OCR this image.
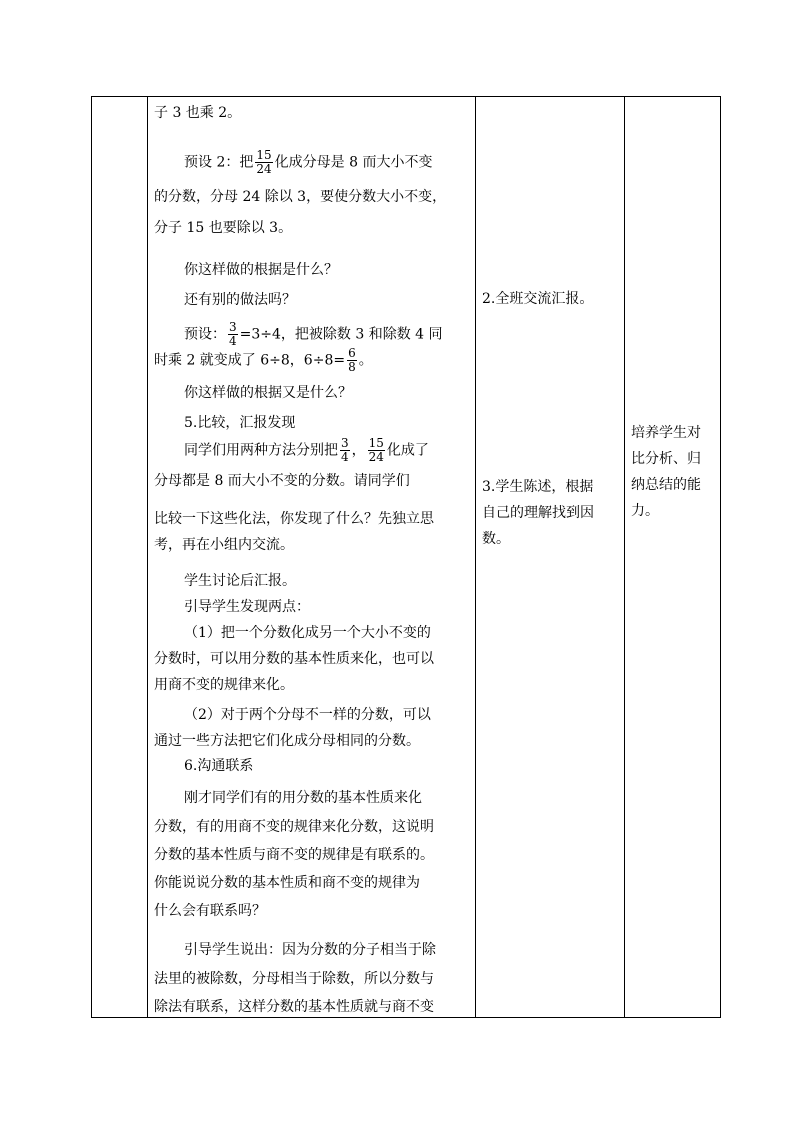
子 3 也乘 2。
预设 2：把 $\frac{15}{24}$ 化成分母是 8 而大小不变
的分数，分母 24 除以 3，要使分数大小不变，
分子 15 也要除以 3。
你这样做的根据是什么？
还有别的做法吗？
预设： $\frac{3}{4} =3\div 4$，把被除数 3 和除数 4 同
时乘 2 就变成了 6÷8，$6\div 8= \frac{6}{8}$ 。
你这样做的根据又是什么？
5.比较，汇报发现
同学们用两种方法分别把 $\frac{3}{4}$ ， $\frac{15}{24}$ 化成了
分母都是 8 而大小不变的分数。请同学们
比较一下这些化法，你发现了什么？先独立思
考，再在小组内交流。
学生讨论后汇报。
引导学生发现两点：
（1）把一个分数化成另一个大小不变的
分数时，可以用分数的基本性质来化，也可以
用商不变的规律来化。
（2）对于两个分母不一样的分数，可以
通过一些方法把它们化成分母相同的分数。
6.沟通联系
刚才同学们有的用分数的基本性质来化
分数，有的用商不变的规律来化分数，这说明
分数的基本性质与商不变的规律是有联系的。
你能说说分数的基本性质和商不变的规律为
什么会有联系吗？
引导学生说出：因为分数的分子相当于除
法里的被除数，分母相当于除数，所以分数与
除法有联系，这样分数的基本性质就与商不变
2.全班交流汇报。
3.学生陈述，根据
自己的理解找到因
数。
培养学生对
比分析、归
纳总结的能
力。
